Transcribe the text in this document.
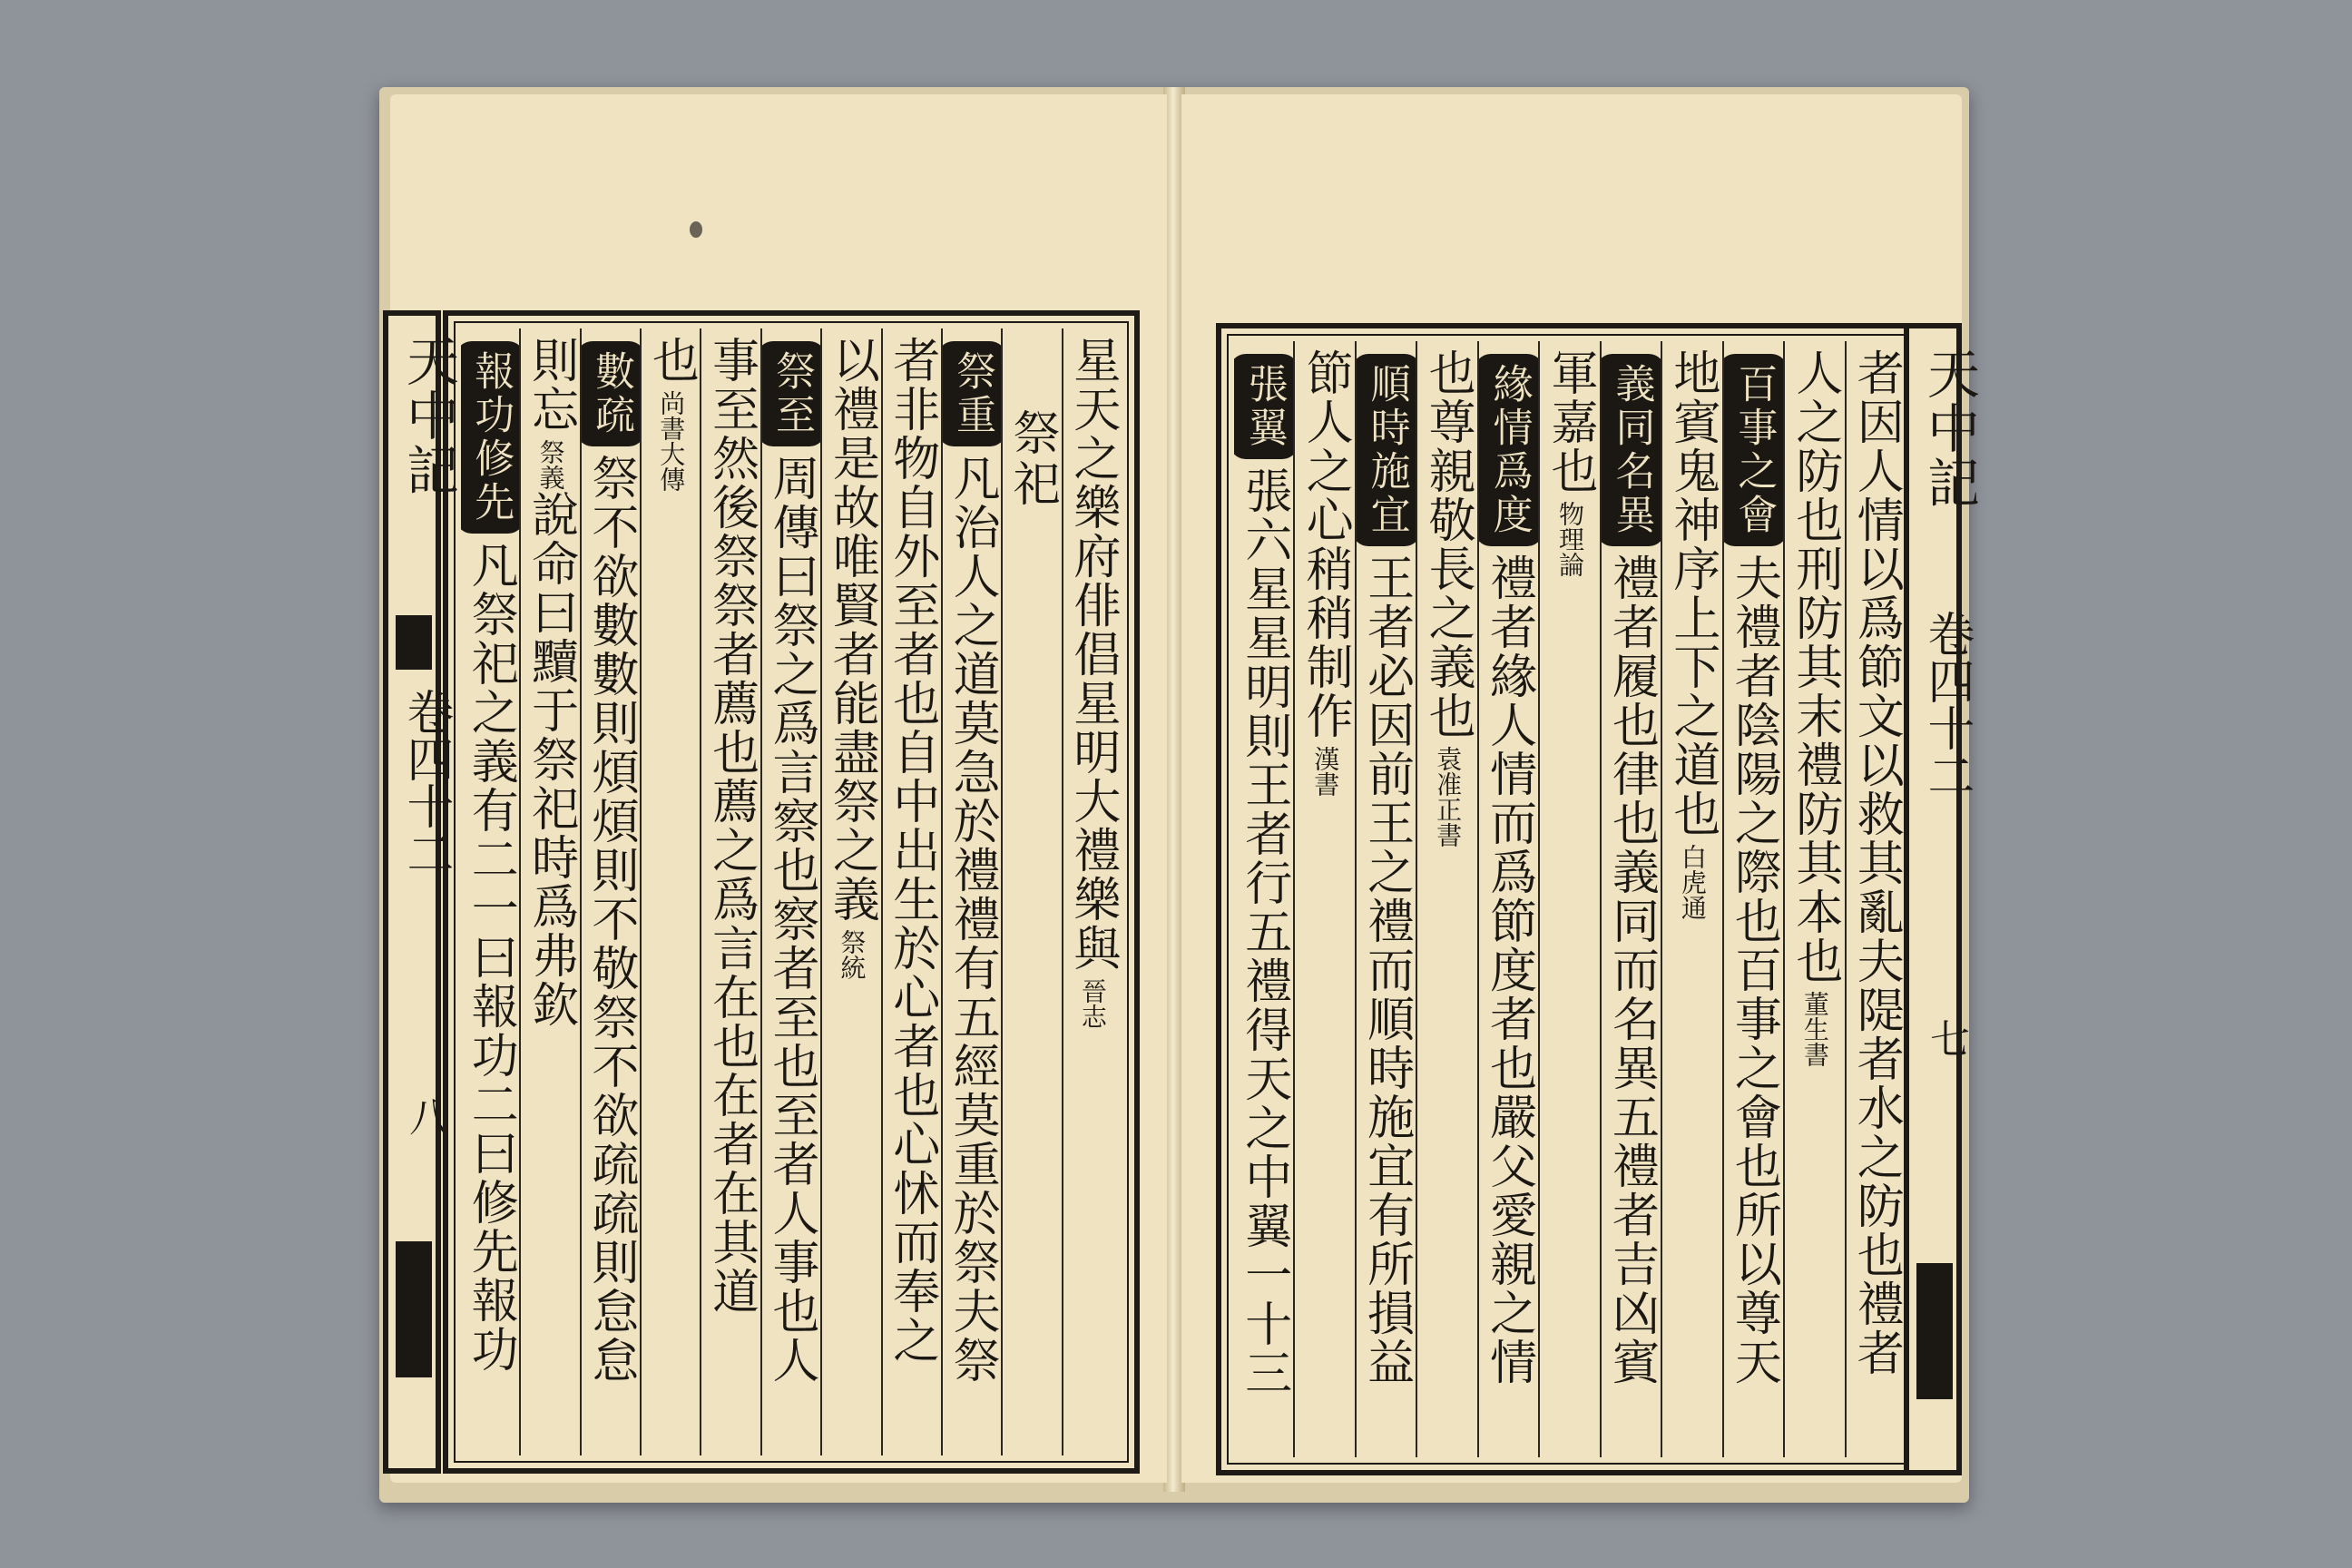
天中記
卷四十二
八
星天之樂府俳倡星明大禮樂與
晉志
祭祀
祭重
凡治人之道莫急於禮禮有五經莫重於祭夫祭
者非物自外至者也自中出生於心者也心怵而奉之
以禮是故唯賢者能盡祭之義
祭統
祭至
周傳曰祭之爲言察也察者至也至者人事也人
事至然後祭祭者薦也薦之爲言在也在者在其道
也
尚書大傳
數疏
祭不欲數數則煩煩則不敬祭不欲疏疏則怠怠
則忘
祭義
說命曰黷于祭祀時爲弗欽
報功修先
凡祭祀之義有二一曰報功二曰修先報功	者因人情以爲節文以救其亂夫隄者水之防也禮者
人之防也刑防其末禮防其本也
董生書
百事之會
夫禮者陰陽之際也百事之會也所以尊天
地賓鬼神序上下之道也
白虎通
義同名異
禮者履也律也義同而名異五禮者吉凶賓
軍嘉也
物理論
緣情爲度
禮者緣人情而爲節度者也嚴父愛親之情
也尊親敬長之義也
袁准正書
順時施宜
王者必因前王之禮而順時施宜有所損益
節人之心稍稍制作
漢書
張翼
張六星星明則王者行五禮得天之中翼一十三
天中記
卷四十二
七
